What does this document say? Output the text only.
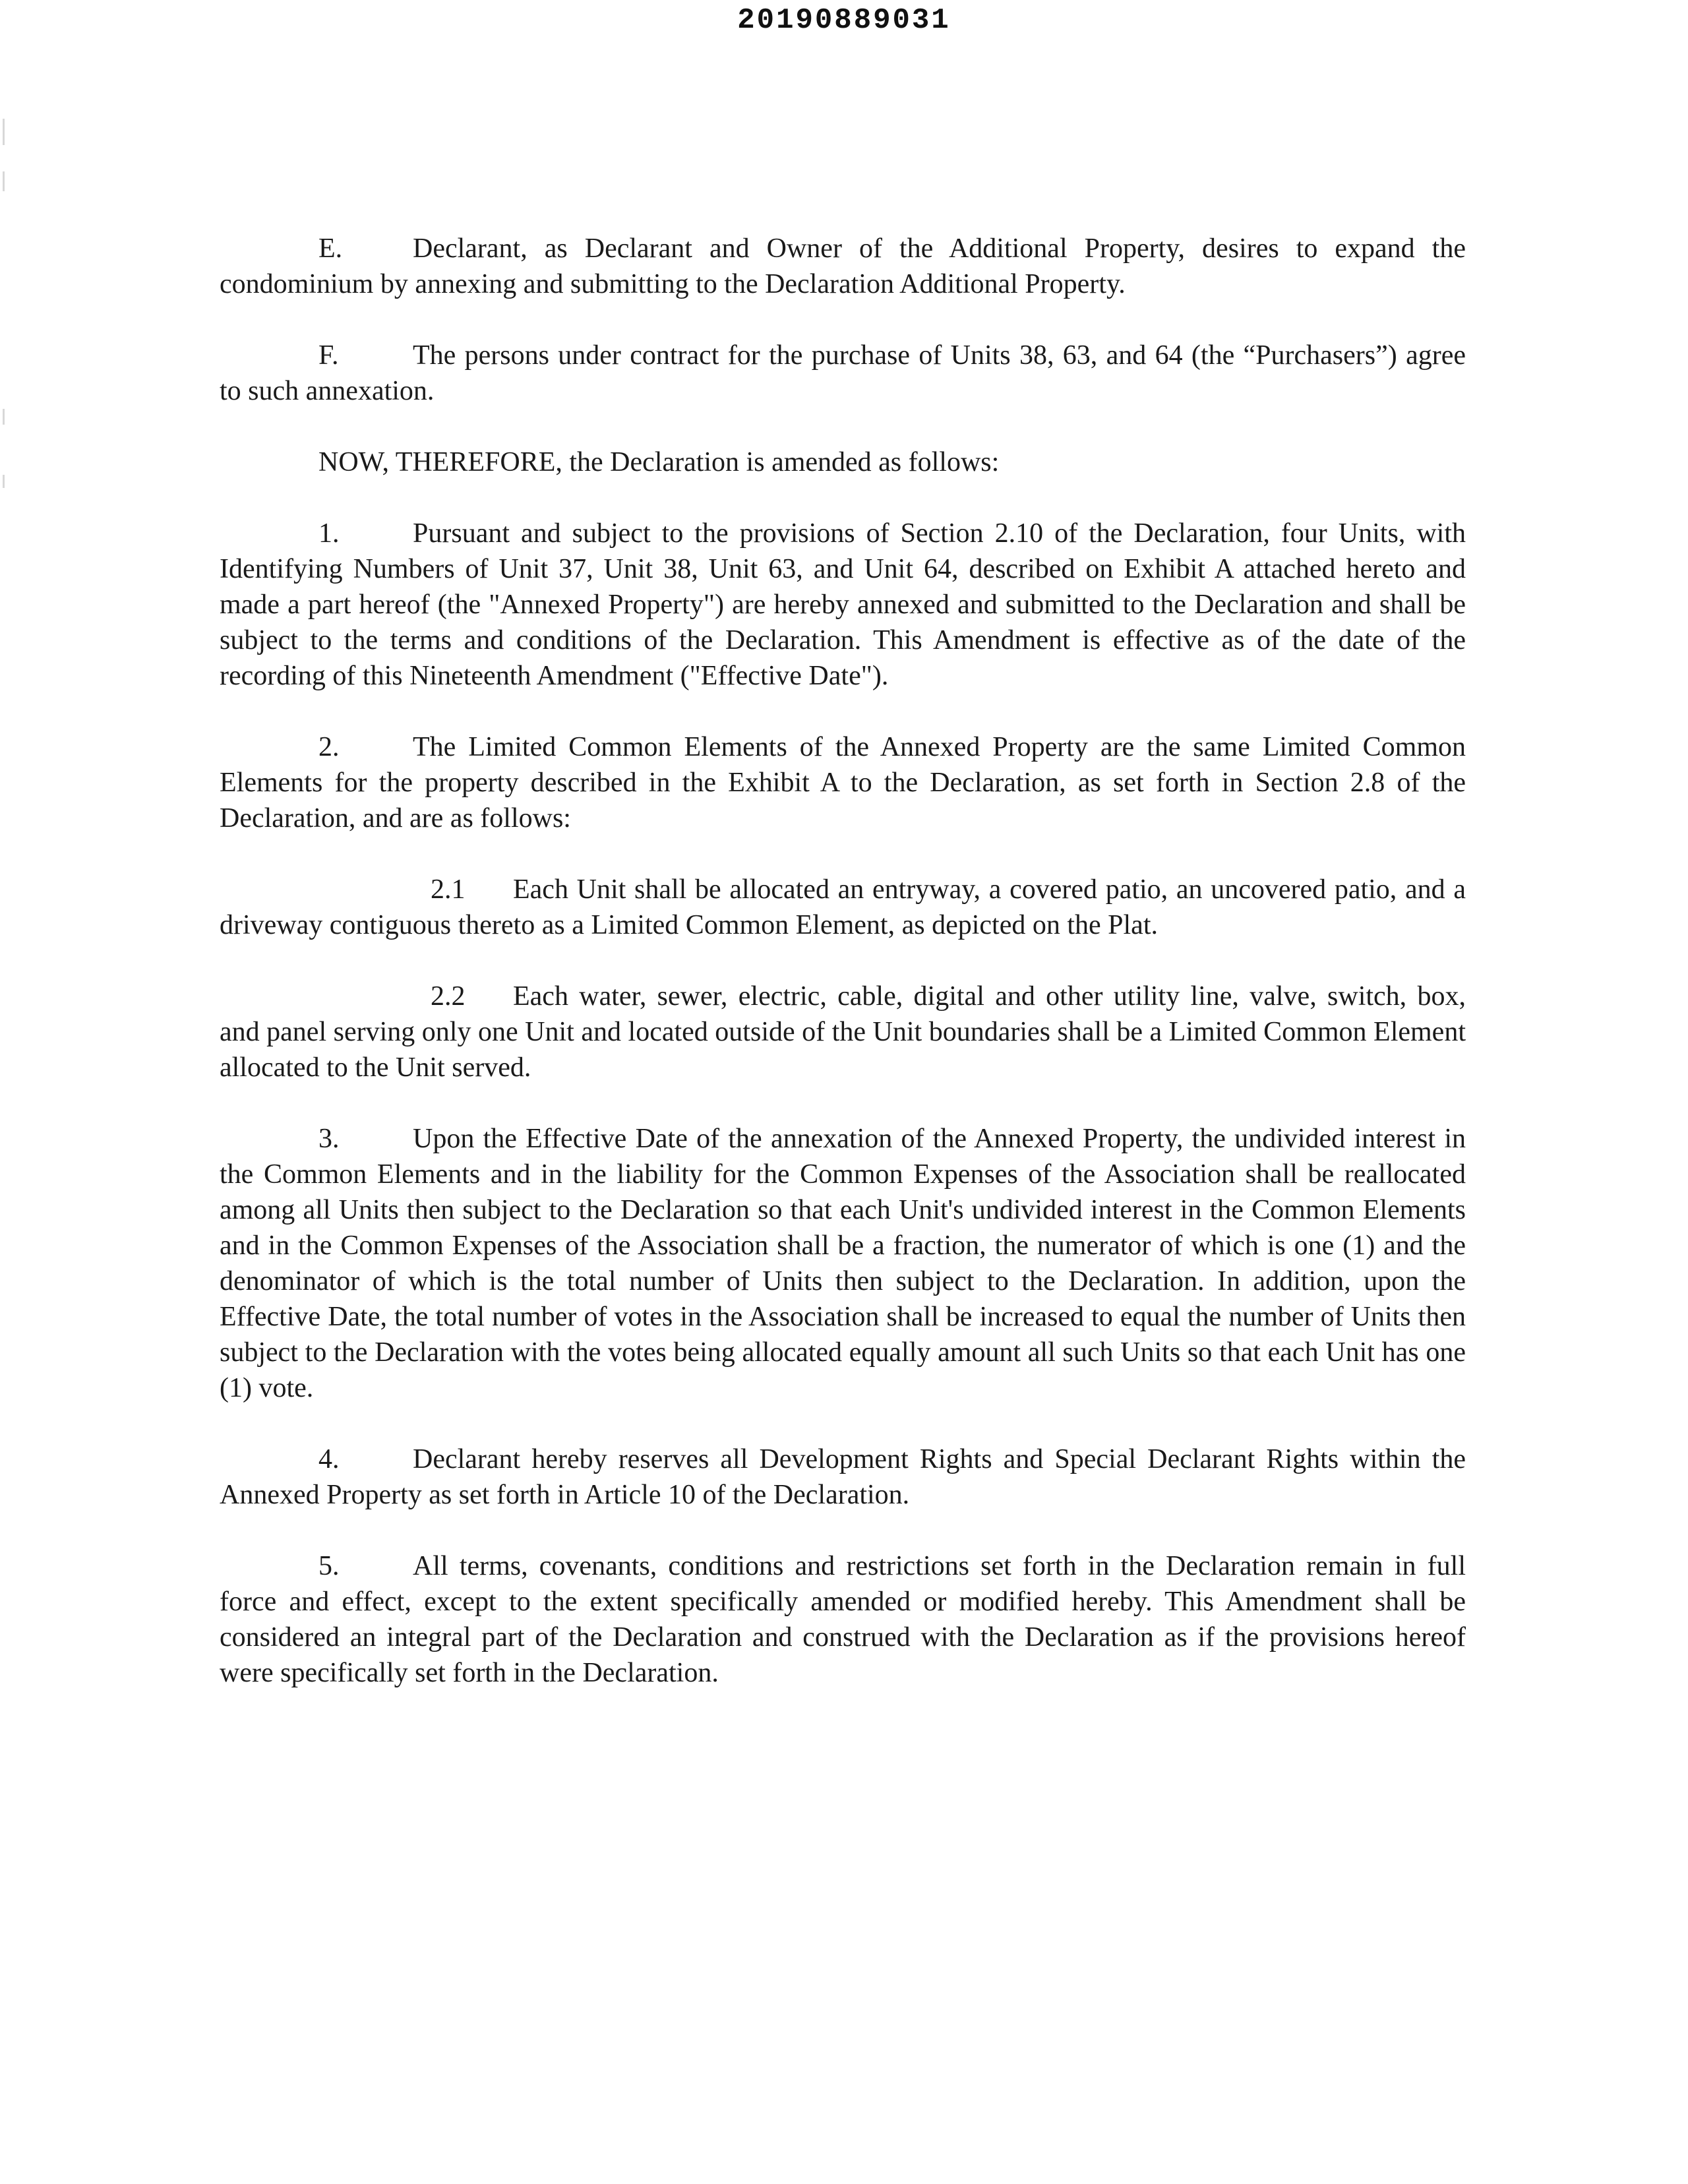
20190889031

E.	Declarant, as Declarant and Owner of the Additional Property, desires to expand the condominium by annexing and submitting to the Declaration Additional Property.

F.	The persons under contract for the purchase of Units 38, 63, and 64 (the “Purchasers”) agree to such annexation.

NOW, THEREFORE, the Declaration is amended as follows:

1.	Pursuant and subject to the provisions of Section 2.10 of the Declaration, four Units, with Identifying Numbers of Unit 37, Unit 38, Unit 63, and Unit 64, described on Exhibit A attached hereto and made a part hereof (the "Annexed Property") are hereby annexed and submitted to the Declaration and shall be subject to the terms and conditions of the Declaration. This Amendment is effective as of the date of the recording of this Nineteenth Amendment ("Effective Date").

2.	The Limited Common Elements of the Annexed Property are the same Limited Common Elements for the property described in the Exhibit A to the Declaration, as set forth in Section 2.8 of the Declaration, and are as follows:

2.1 Each Unit shall be allocated an entryway, a covered patio, an uncovered patio, and a driveway contiguous thereto as a Limited Common Element, as depicted on the Plat.

2.2 Each water, sewer, electric, cable, digital and other utility line, valve, switch, box, and panel serving only one Unit and located outside of the Unit boundaries shall be a Limited Common Element allocated to the Unit served.

3.	Upon the Effective Date of the annexation of the Annexed Property, the undivided interest in the Common Elements and in the liability for the Common Expenses of the Association shall be reallocated among all Units then subject to the Declaration so that each Unit's undivided interest in the Common Elements and in the Common Expenses of the Association shall be a fraction, the numerator of which is one (1) and the denominator of which is the total number of Units then subject to the Declaration. In addition, upon the Effective Date, the total number of votes in the Association shall be increased to equal the number of Units then subject to the Declaration with the votes being allocated equally amount all such Units so that each Unit has one (1) vote.

4.	Declarant hereby reserves all Development Rights and Special Declarant Rights within the Annexed Property as set forth in Article 10 of the Declaration.

5.	All terms, covenants, conditions and restrictions set forth in the Declaration remain in full force and effect, except to the extent specifically amended or modified hereby. This Amendment shall be considered an integral part of the Declaration and construed with the Declaration as if the provisions hereof were specifically set forth in the Declaration.
